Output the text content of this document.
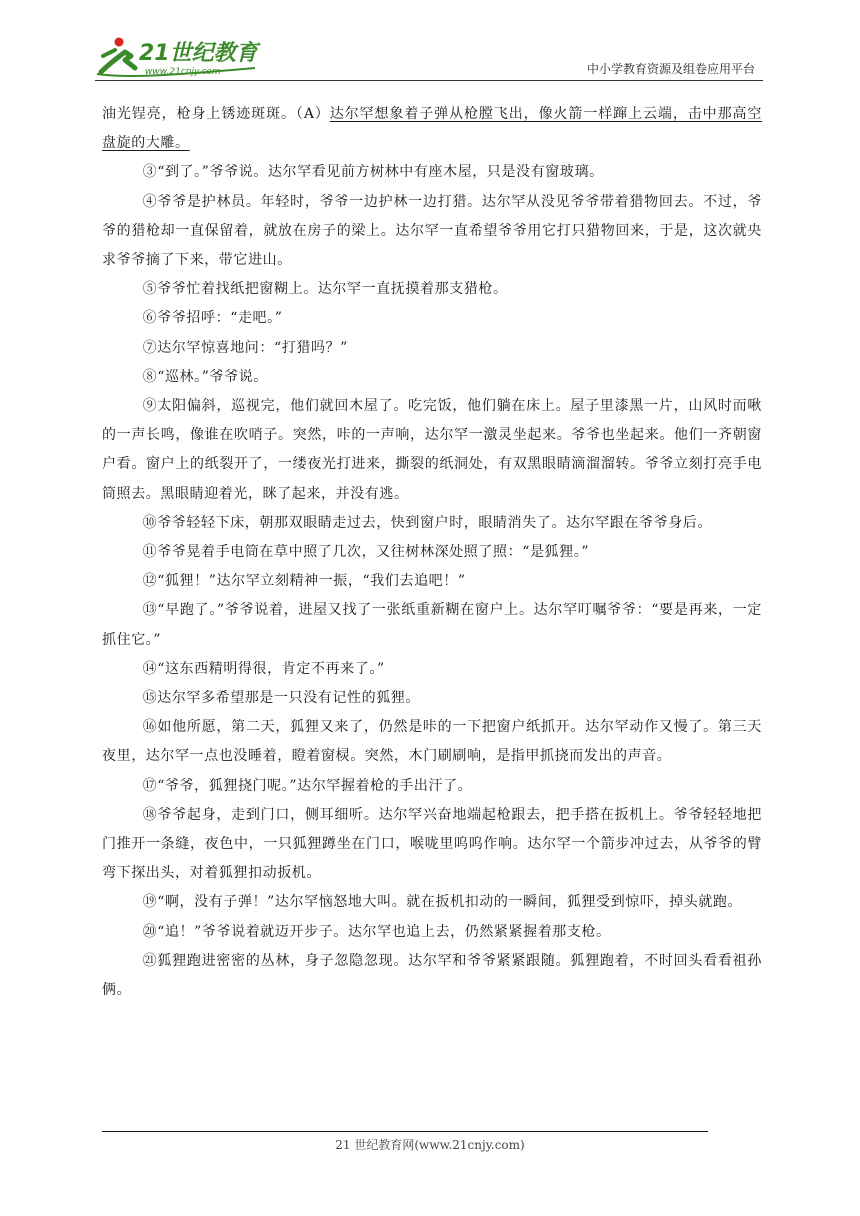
21世纪教育
www.21cnjy.com	中小学教育资源及组卷应用平台

油光锃亮，枪身上锈迹斑斑。（A）达尔罕想象着子弹从枪膛飞出，像火箭一样蹿上云端，击中那高空盘旋的大雕。

③“到了。”爷爷说。达尔罕看见前方树林中有座木屋，只是没有窗玻璃。

④爷爷是护林员。年轻时，爷爷一边护林一边打猎。达尔罕从没见爷爷带着猎物回去。不过，爷爷的猎枪却一直保留着，就放在房子的梁上。达尔罕一直希望爷爷用它打只猎物回来，于是，这次就央求爷爷摘了下来，带它进山。

⑤爷爷忙着找纸把窗糊上。达尔罕一直抚摸着那支猎枪。

⑥爷爷招呼：“走吧。”

⑦达尔罕惊喜地问：“打猎吗？”

⑧“巡林。”爷爷说。

⑨太阳偏斜，巡视完，他们就回木屋了。吃完饭，他们躺在床上。屋子里漆黑一片，山风时而啾的一声长鸣，像谁在吹哨子。突然，咔的一声响，达尔罕一激灵坐起来。爷爷也坐起来。他们一齐朝窗户看。窗户上的纸裂开了，一缕夜光打进来，撕裂的纸洞处，有双黑眼睛滴溜溜转。爷爷立刻打亮手电筒照去。黑眼睛迎着光，眯了起来，并没有逃。

⑩爷爷轻轻下床，朝那双眼睛走过去，快到窗户时，眼睛消失了。达尔罕跟在爷爷身后。

⑪爷爷晃着手电筒在草中照了几次，又往树林深处照了照：“是狐狸。”

⑫“狐狸！”达尔罕立刻精神一振，“我们去追吧！”

⑬“早跑了。”爷爷说着，进屋又找了一张纸重新糊在窗户上。达尔罕叮嘱爷爷：“要是再来，一定抓住它。”

⑭“这东西精明得很，肯定不再来了。”

⑮达尔罕多希望那是一只没有记性的狐狸。

⑯如他所愿，第二天，狐狸又来了，仍然是咔的一下把窗户纸抓开。达尔罕动作又慢了。第三天夜里，达尔罕一点也没睡着，瞪着窗棂。突然，木门刷刷响，是指甲抓挠而发出的声音。

⑰“爷爷，狐狸挠门呢。”达尔罕握着枪的手出汗了。

⑱爷爷起身，走到门口，侧耳细听。达尔罕兴奋地端起枪跟去，把手搭在扳机上。爷爷轻轻地把门推开一条缝，夜色中，一只狐狸蹲坐在门口，喉咙里呜呜作响。达尔罕一个箭步冲过去，从爷爷的臂弯下探出头，对着狐狸扣动扳机。

⑲“啊，没有子弹！”达尔罕恼怒地大叫。就在扳机扣动的一瞬间，狐狸受到惊吓，掉头就跑。

⑳“追！”爷爷说着就迈开步子。达尔罕也追上去，仍然紧紧握着那支枪。

㉑狐狸跑进密密的丛林，身子忽隐忽现。达尔罕和爷爷紧紧跟随。狐狸跑着，不时回头看看祖孙俩。

21 世纪教育网(www.21cnjy.com)
